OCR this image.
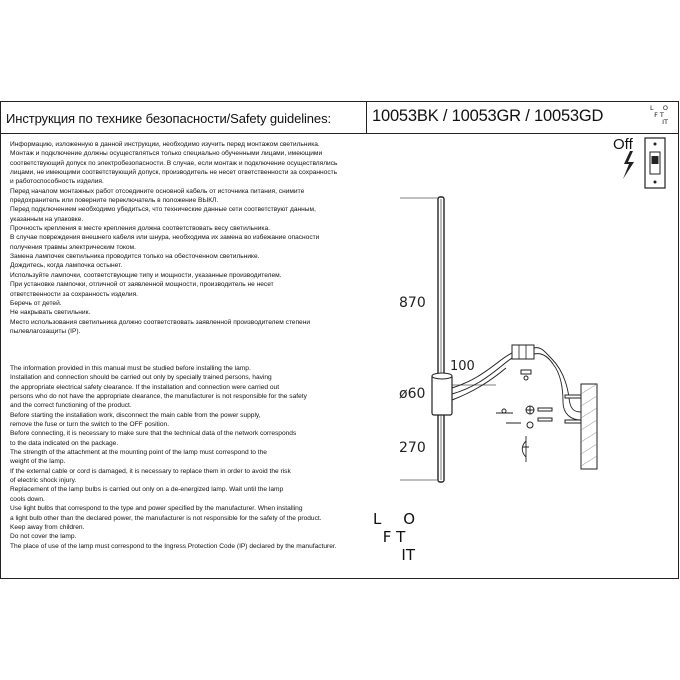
Инструкция по технике безопасности/Safety guidelines: 10053BK / 10053GR / 10053GD	L	O
F T
IT

Информацию, изложенную в данной инструкции, необходимо изучить перед монтажом светильника.

Монтаж и подключение должны осуществляться только специально обученными лицами, имеющими

соответствующий допуск по электробезопасности. В случае, если монтаж и подключение осуществлялись

лицами, не имеющими соответствующий допуск, производитель не несет ответственности за сохранность

и работоспособность изделия.

Перед началом монтажных работ отсоедините основной кабель от источника питания, снимите

предохранитель или поверните переключатель в положение ВЫКЛ.

Перед подключением необходимо убедиться, что технические данные сети соответствуют данным,

указанным на упаковке.

Прочность крепления в месте крепления должна соответствовать весу светильника.

В случае повреждения внешнего кабеля или шнура, необходима их замена во избежание опасности

получения травмы электрическим током.

Замена лампочек светильника проводится только на обесточенном светильнике.

Дождитесь, когда лампочка остынет.

Используйте лампочки, соответствующие типу и мощности, указанные производителем.

При установке лампочки, отличной от заявленной мощности, производитель не несет

ответственности за сохранность изделия.

Беречь от детей.

Не накрывать светильник.

Место использования светильника должно соответствовать заявленной производителем степени

пылевлагозащиты (IP).

The information provided in this manual must be studied before installing the lamp.

Installation and connection should be carried out only by specially trained persons, having

the appropriate electrical safety clearance. If the installation and connection were carried out

persons who do not have the appropriate clearance, the manufacturer is not responsible for the safety

and the correct functioning of the product.

Before starting the installation work, disconnect the main cable from the power supply,

remove the fuse or turn the switch to the OFF position.

Before connecting, it is necessary to make sure that the technical data of the network corresponds

to the data indicated on the package.

The strength of the attachment at the mounting point of the lamp must correspond to the

weight of the lamp.

If the external cable or cord is damaged, it is necessary to replace them in order to avoid the risk

of electric shock injury.

Replacement of the lamp bulbs is carried out only on a de-energized lamp. Wait until the lamp

cools down.

Use light bulbs that correspond to the type and power specified by the manufacturer. When installing

a light bulb other than the declared power, the manufacturer is not responsible for the safety of the product.

Keep away from children.

Do not cover the lamp.

The place of use of the lamp must correspond to the Ingress Protection Code (IP) declared by the manufacturer.

Off
870
100
ø60
270
L	O
F T
IT
